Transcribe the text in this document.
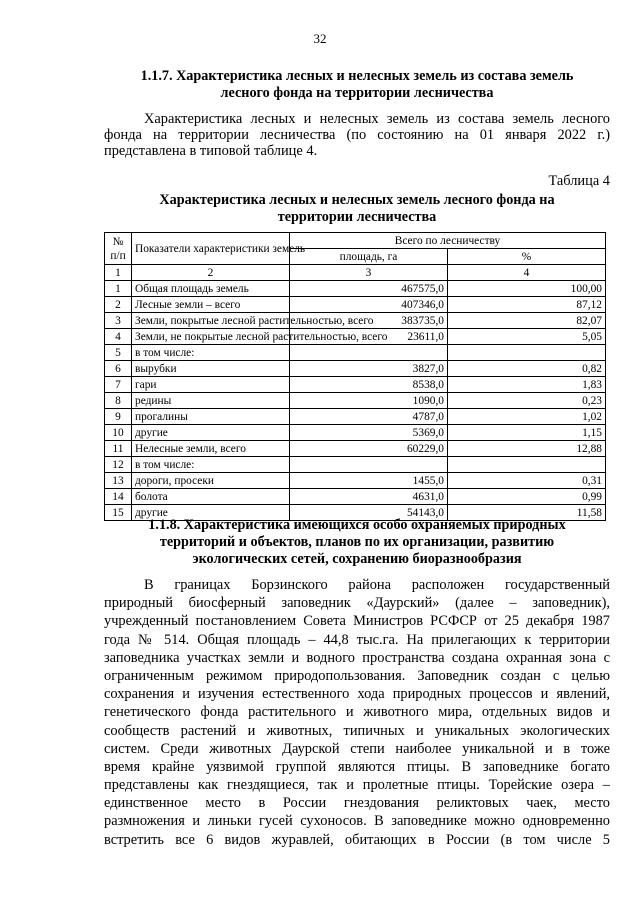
32
1.1.7. Характеристика лесных и нелесных земель из состава земель
лесного фонда на территории лесничества
Характеристика лесных и нелесных земель из состава земель лесного
фонда на территории лесничества (по состоянию на 01 января 2022 г.)
представлена в типовой таблице 4.
Таблица 4
Характеристика лесных и нелесных земель лесного фонда на
территории лесничества
№
п/п	Показатели характеристики земель	Всего по лесничеству	
		площадь, га	%
1	2	3	4
1	Общая площадь земель	467575,0	100,00
2	Лесные земли – всего	407346,0	87,12
3	Земли, покрытые лесной растительностью, всего	383735,0	82,07
4	Земли, не покрытые лесной растительностью, всего	23611,0	5,05
5	в том числе:		
6	вырубки	3827,0	0,82
7	гари	8538,0	1,83
8	редины	1090,0	0,23
9	прогалины	4787,0	1,02
10	другие	5369,0	1,15
11	Нелесные земли, всего	60229,0	12,88
12	в том числе:		
13	дороги, просеки	1455,0	0,31
14	болота	4631,0	0,99
15	другие	54143,0	11,58
1.1.8. Характеристика имеющихся особо охраняемых природных
территорий и объектов, планов по их организации, развитию
экологических сетей, сохранению биоразнообразия
В границах Борзинского района расположен государственный
природный биосферный заповедник «Даурский» (далее – заповедник),
учрежденный постановлением Совета Министров РСФСР от 25 декабря 1987
года № 514. Общая площадь – 44,8 тыс.га. На прилегающих к территории
заповедника участках земли и водного пространства создана охранная зона с
ограниченным режимом природопользования. Заповедник создан с целью
сохранения и изучения естественного хода природных процессов и явлений,
генетического фонда растительного и животного мира, отдельных видов и
сообществ растений и животных, типичных и уникальных экологических
систем. Среди животных Даурской степи наиболее уникальной и в тоже
время крайне уязвимой группой являются птицы. В заповеднике богато
представлены как гнездящиеся, так и пролетные птицы. Торейские озера –
единственное место в России гнездования реликтовых чаек, место
размножения и линьки гусей сухоносов. В заповеднике можно одновременно
встретить все 6 видов журавлей, обитающих в России (в том числе 5
